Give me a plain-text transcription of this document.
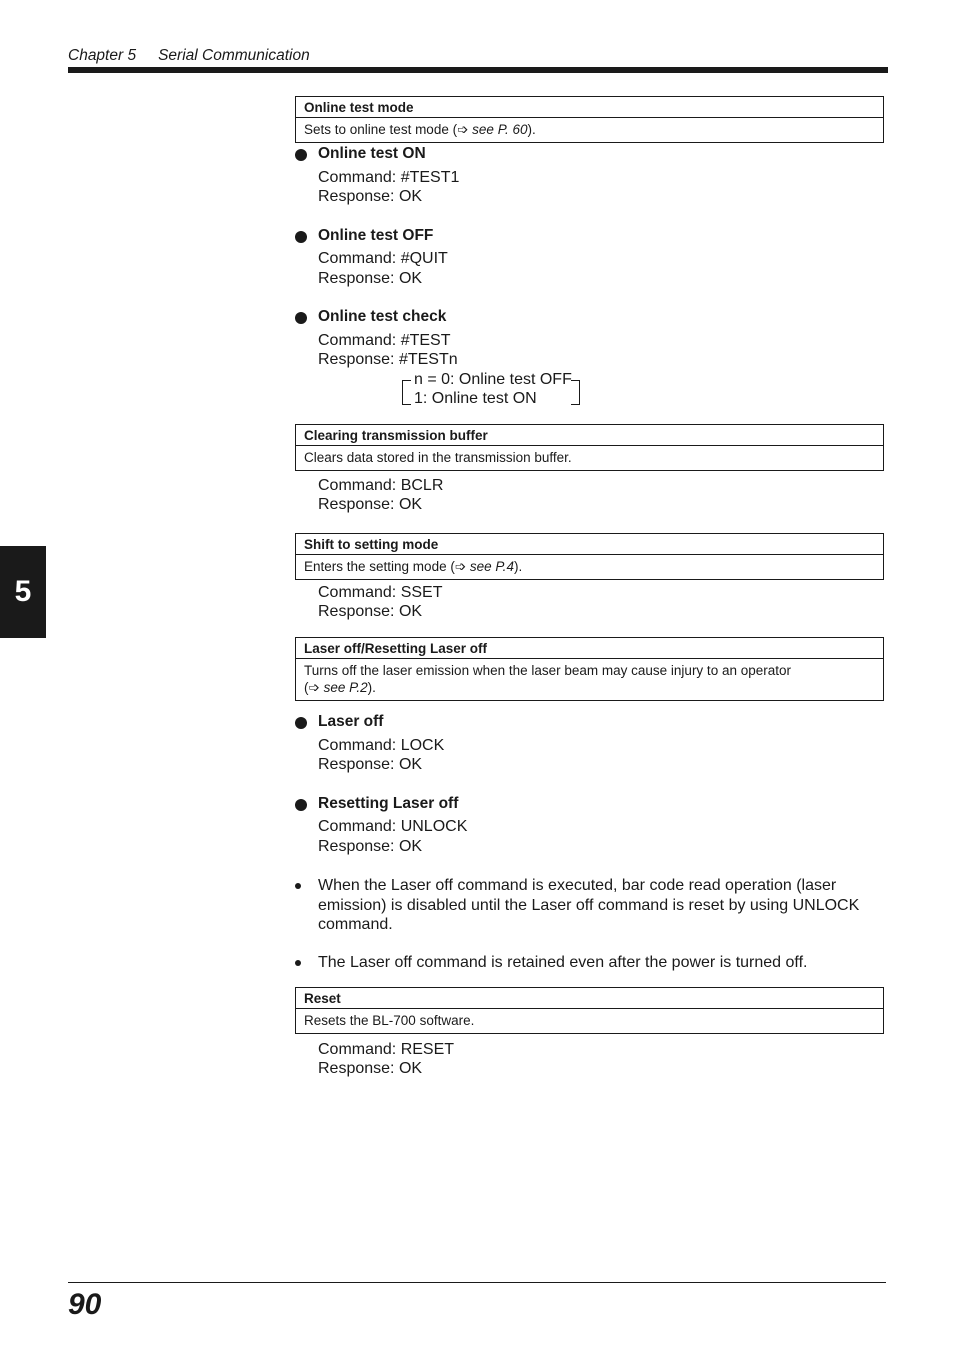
Chapter 5 Serial Communication
5
Online test mode
Sets to online test mode (➩ see P. 60).
Online test ON
Command: #TEST1
Response: OK
Online test OFF
Command: #QUIT
Response: OK
Online test check
Command: #TEST
Response: #TESTn
n = 0: Online test OFF
1: Online test ON
Clearing transmission buffer
Clears data stored in the transmission buffer.
Command: BCLR
Response: OK
Shift to setting mode
Enters the setting mode (➩ see P.4).
Command: SSET
Response: OK
Laser off/Resetting Laser off
Turns off the laser emission when the laser beam may cause injury to an operator
(➩ see P.2).
Laser off
Command: LOCK
Response: OK
Resetting Laser off
Command: UNLOCK
Response: OK
When the Laser off command is executed, bar code read operation (laser emission) is disabled until the Laser off command is reset by using UNLOCK command.
The Laser off command is retained even after the power is turned off.
Reset
Resets the BL-700 software.
Command: RESET
Response: OK
90
